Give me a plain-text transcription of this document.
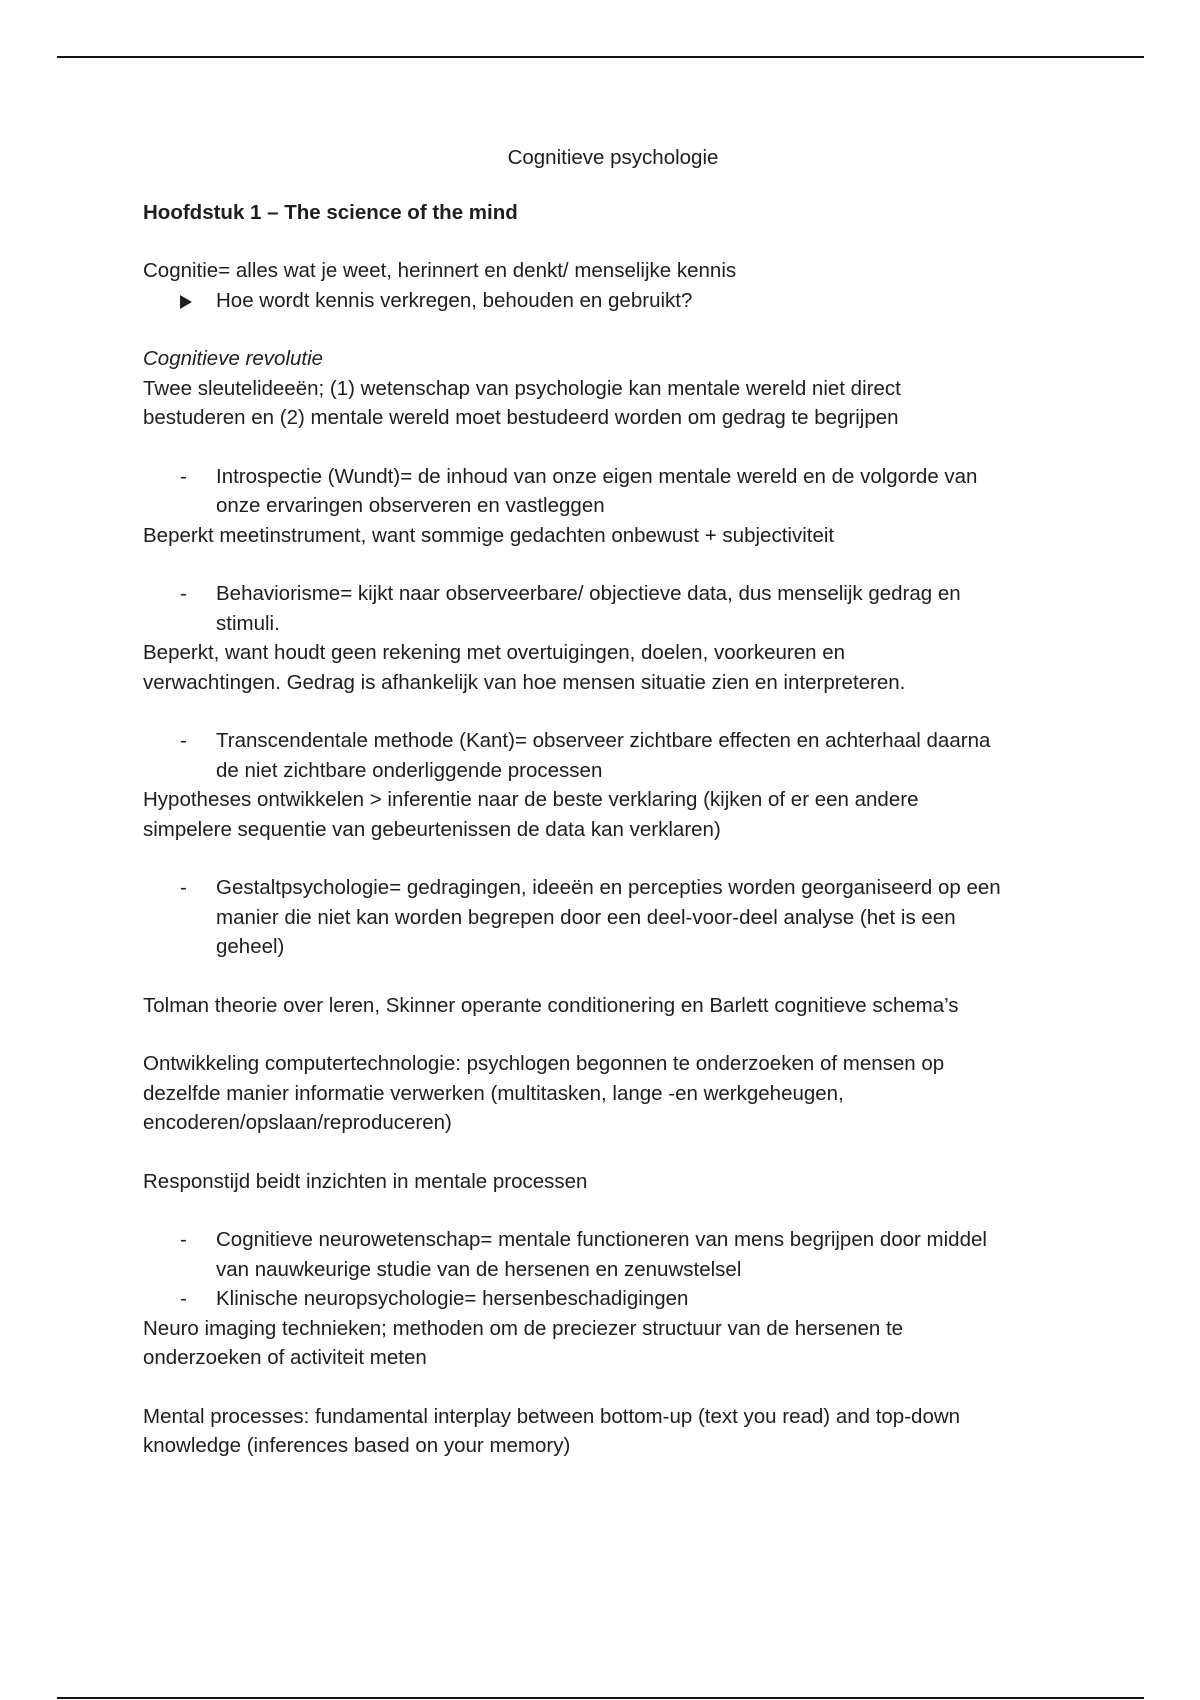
Cognitieve psychologie

Hoofdstuk 1 – The science of the mind

Cognitie= alles wat je weet, herinnert en denkt/ menselijke kennis

Hoe wordt kennis verkregen, behouden en gebruikt?

Cognitieve revolutie

Twee sleutelideeën; (1) wetenschap van psychologie kan mentale wereld niet direct

bestuderen en (2) mentale wereld moet bestudeerd worden om gedrag te begrijpen

-	Introspectie (Wundt)= de inhoud van onze eigen mentale wereld en de volgorde van
onze ervaringen observeren en vastleggen

Beperkt meetinstrument, want sommige gedachten onbewust + subjectiviteit

-	Behaviorisme= kijkt naar observeerbare/ objectieve data, dus menselijk gedrag en
stimuli.

Beperkt, want houdt geen rekening met overtuigingen, doelen, voorkeuren en

verwachtingen. Gedrag is afhankelijk van hoe mensen situatie zien en interpreteren.

-	Transcendentale methode (Kant)= observeer zichtbare effecten en achterhaal daarna
de niet zichtbare onderliggende processen

Hypotheses ontwikkelen > inferentie naar de beste verklaring (kijken of er een andere

simpelere sequentie van gebeurtenissen de data kan verklaren)

-	Gestaltpsychologie= gedragingen, ideeën en percepties worden georganiseerd op een
manier die niet kan worden begrepen door een deel-voor-deel analyse (het is een
geheel)

Tolman theorie over leren, Skinner operante conditionering en Barlett cognitieve schema’s

Ontwikkeling computertechnologie: psychlogen begonnen te onderzoeken of mensen op

dezelfde manier informatie verwerken (multitasken, lange -en werkgeheugen,

encoderen/opslaan/reproduceren)

Responstijd beidt inzichten in mentale processen

-	Cognitieve neurowetenschap= mentale functioneren van mens begrijpen door middel
van nauwkeurige studie van de hersenen en zenuwstelsel
-	Klinische neuropsychologie= hersenbeschadigingen

Neuro imaging technieken; methoden om de preciezer structuur van de hersenen te

onderzoeken of activiteit meten

Mental processes: fundamental interplay between bottom-up (text you read) and top-down

knowledge (inferences based on your memory)
